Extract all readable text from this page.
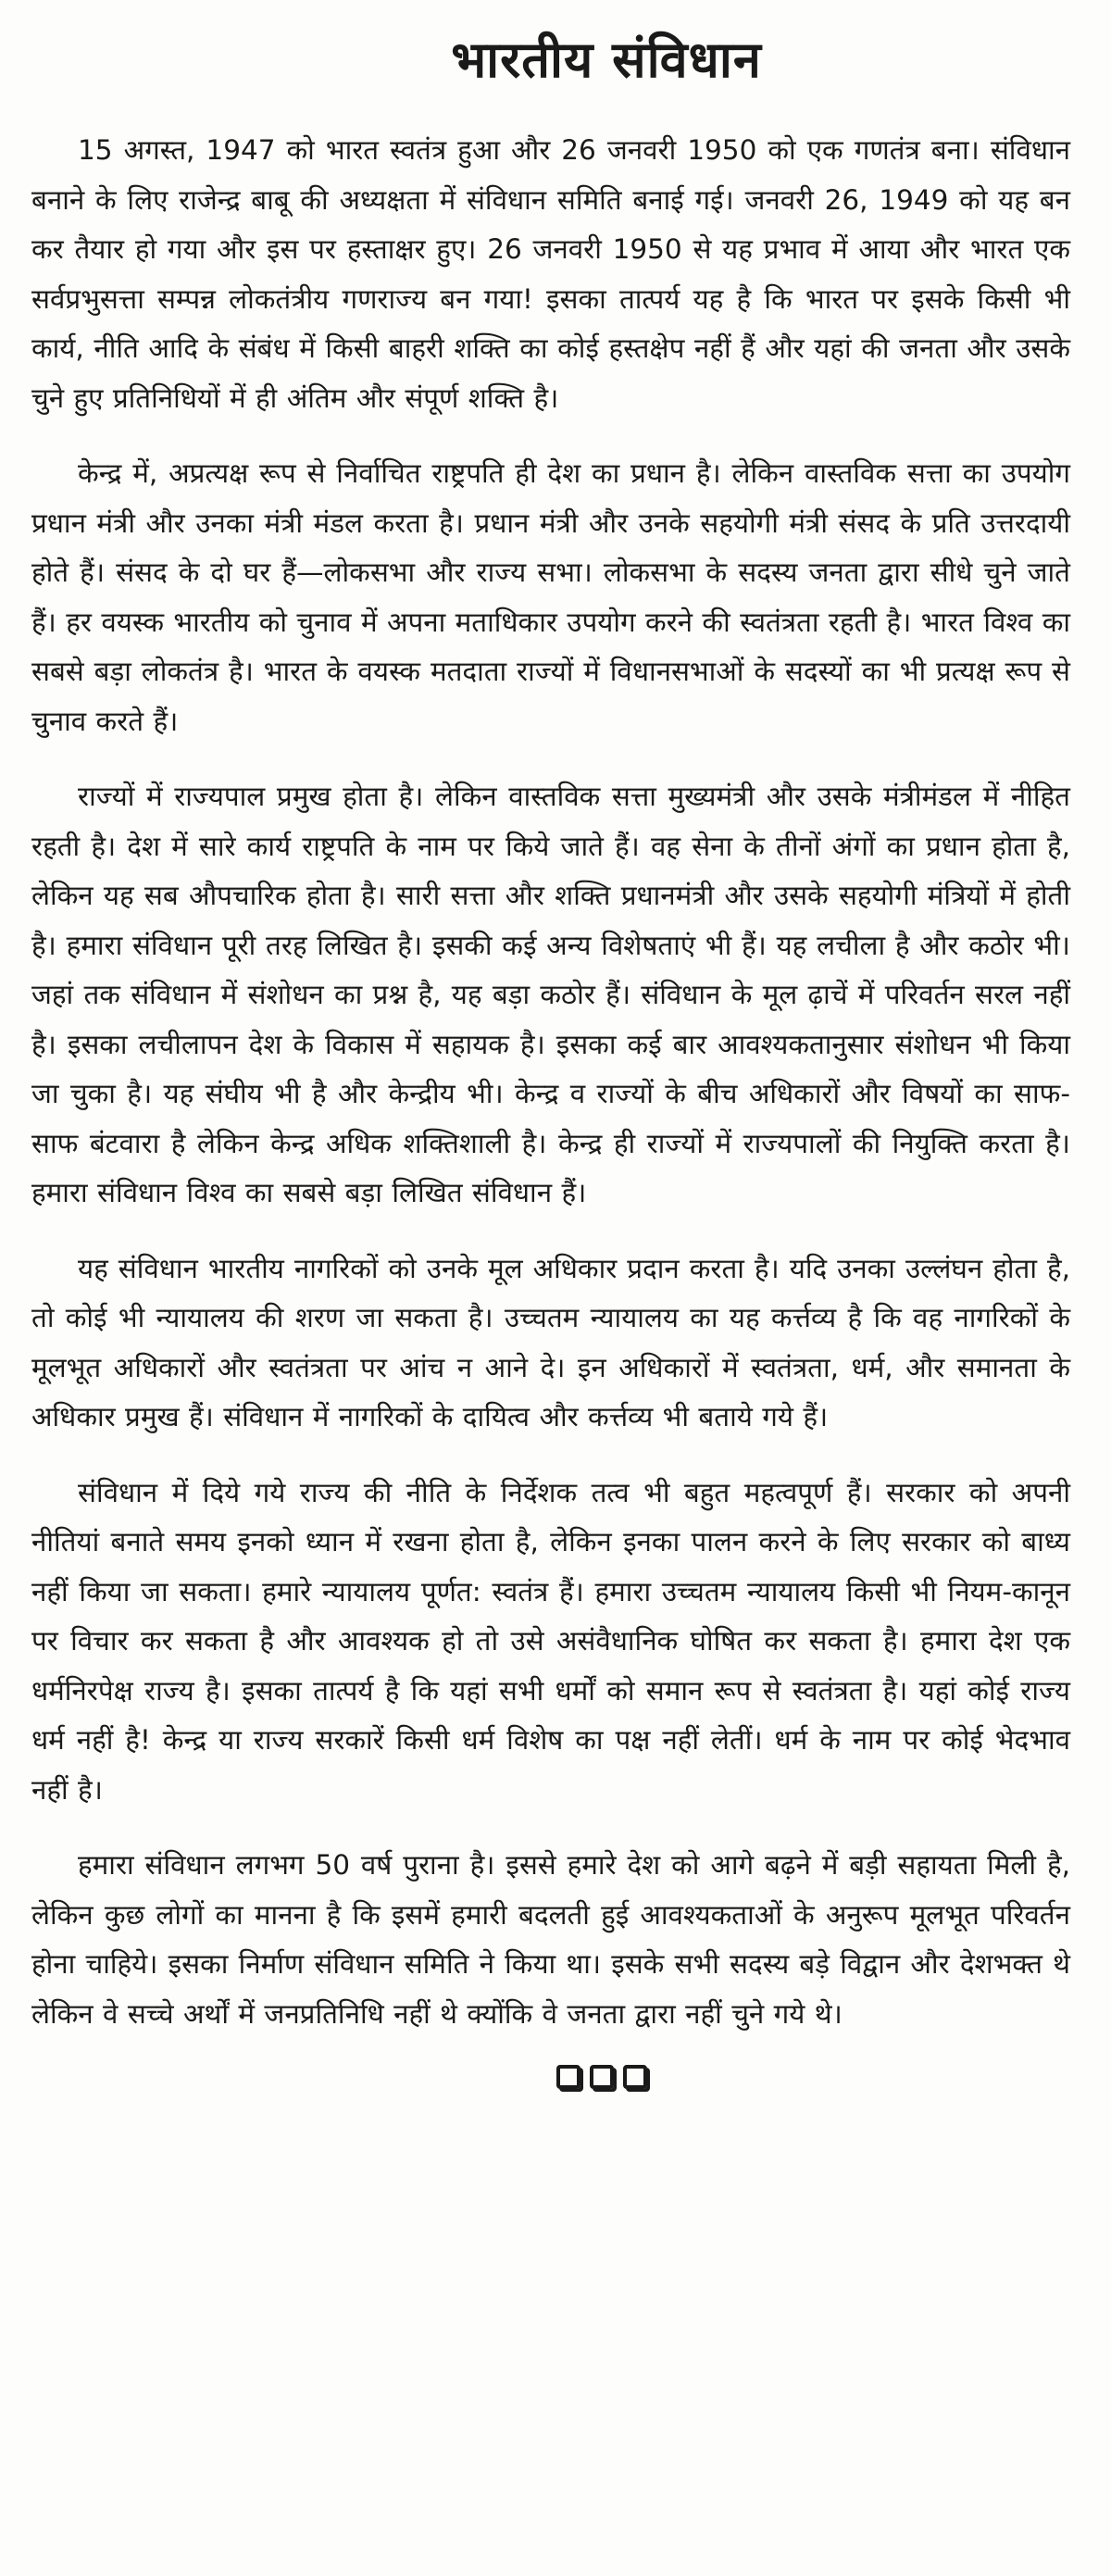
भारतीय संविधान

15 अगस्त, 1947 को भारत स्वतंत्र हुआ और 26 जनवरी 1950 को एक गणतंत्र बना। संविधान बनाने के लिए राजेन्द्र बाबू की अध्यक्षता में संविधान समिति बनाई गई। जनवरी 26, 1949 को यह बन कर तैयार हो गया और इस पर हस्ताक्षर हुए। 26 जनवरी 1950 से यह प्रभाव में आया और भारत एक सर्वप्रभुसत्ता सम्पन्न लोकतंत्रीय गणराज्य बन गया! इसका तात्पर्य यह है कि भारत पर इसके किसी भी कार्य, नीति आदि के संबंध में किसी बाहरी शक्ति का कोई हस्तक्षेप नहीं हैं और यहां की जनता और उसके चुने हुए प्रतिनिधियों में ही अंतिम और संपूर्ण शक्ति है।

केन्द्र में, अप्रत्यक्ष रूप से निर्वाचित राष्ट्रपति ही देश का प्रधान है। लेकिन वास्तविक सत्ता का उपयोग प्रधान मंत्री और उनका मंत्री मंडल करता है। प्रधान मंत्री और उनके सहयोगी मंत्री संसद के प्रति उत्तरदायी होते हैं। संसद के दो घर हैं—लोकसभा और राज्य सभा। लोकसभा के सदस्य जनता द्वारा सीधे चुने जाते हैं। हर वयस्क भारतीय को चुनाव में अपना मताधिकार उपयोग करने की स्वतंत्रता रहती है। भारत विश्व का सबसे बड़ा लोकतंत्र है। भारत के वयस्क मतदाता राज्यों में विधानसभाओं के सदस्यों का भी प्रत्यक्ष रूप से चुनाव करते हैं।

राज्यों में राज्यपाल प्रमुख होता है। लेकिन वास्तविक सत्ता मुख्यमंत्री और उसके मंत्रीमंडल में नीहित रहती है। देश में सारे कार्य राष्ट्रपति के नाम पर किये जाते हैं। वह सेना के तीनों अंगों का प्रधान होता है, लेकिन यह सब औपचारिक होता है। सारी सत्ता और शक्ति प्रधानमंत्री और उसके सहयोगी मंत्रियों में होती है। हमारा संविधान पूरी तरह लिखित है। इसकी कई अन्य विशेषताएं भी हैं। यह लचीला है और कठोर भी। जहां तक संविधान में संशोधन का प्रश्न है, यह बड़ा कठोर हैं। संविधान के मूल ढ़ाचें में परिवर्तन सरल नहीं है। इसका लचीलापन देश के विकास में सहायक है। इसका कई बार आवश्यकतानुसार संशोधन भी किया जा चुका है। यह संघीय भी है और केन्द्रीय भी। केन्द्र व राज्यों के बीच अधिकारों और विषयों का साफ-साफ बंटवारा है लेकिन केन्द्र अधिक शक्तिशाली है। केन्द्र ही राज्यों में राज्यपालों की नियुक्ति करता है। हमारा संविधान विश्व का सबसे बड़ा लिखित संविधान हैं।

यह संविधान भारतीय नागरिकों को उनके मूल अधिकार प्रदान करता है। यदि उनका उल्लंघन होता है, तो कोई भी न्यायालय की शरण जा सकता है। उच्चतम न्यायालय का यह कर्त्तव्य है कि वह नागरिकों के मूलभूत अधिकारों और स्वतंत्रता पर आंच न आने दे। इन अधिकारों में स्वतंत्रता, धर्म, और समानता के अधिकार प्रमुख हैं। संविधान में नागरिकों के दायित्व और कर्त्तव्य भी बताये गये हैं।

संविधान में दिये गये राज्य की नीति के निर्देशक तत्व भी बहुत महत्वपूर्ण हैं। सरकार को अपनी नीतियां बनाते समय इनको ध्यान में रखना होता है, लेकिन इनका पालन करने के लिए सरकार को बाध्य नहीं किया जा सकता। हमारे न्यायालय पूर्णत: स्वतंत्र हैं। हमारा उच्चतम न्यायालय किसी भी नियम-कानून पर विचार कर सकता है और आवश्यक हो तो उसे असंवैधानिक घोषित कर सकता है। हमारा देश एक धर्मनिरपेक्ष राज्य है। इसका तात्पर्य है कि यहां सभी धर्मों को समान रूप से स्वतंत्रता है। यहां कोई राज्य धर्म नहीं है! केन्द्र या राज्य सरकारें किसी धर्म विशेष का पक्ष नहीं लेतीं। धर्म के नाम पर कोई भेदभाव नहीं है।

हमारा संविधान लगभग 50 वर्ष पुराना है। इससे हमारे देश को आगे बढ़ने में बड़ी सहायता मिली है, लेकिन कुछ लोगों का मानना है कि इसमें हमारी बदलती हुई आवश्यकताओं के अनुरूप मूलभूत परिवर्तन होना चाहिये। इसका निर्माण संविधान समिति ने किया था। इसके सभी सदस्य बड़े विद्वान और देशभक्त थे लेकिन वे सच्चे अर्थों में जनप्रतिनिधि नहीं थे क्योंकि वे जनता द्वारा नहीं चुने गये थे।
